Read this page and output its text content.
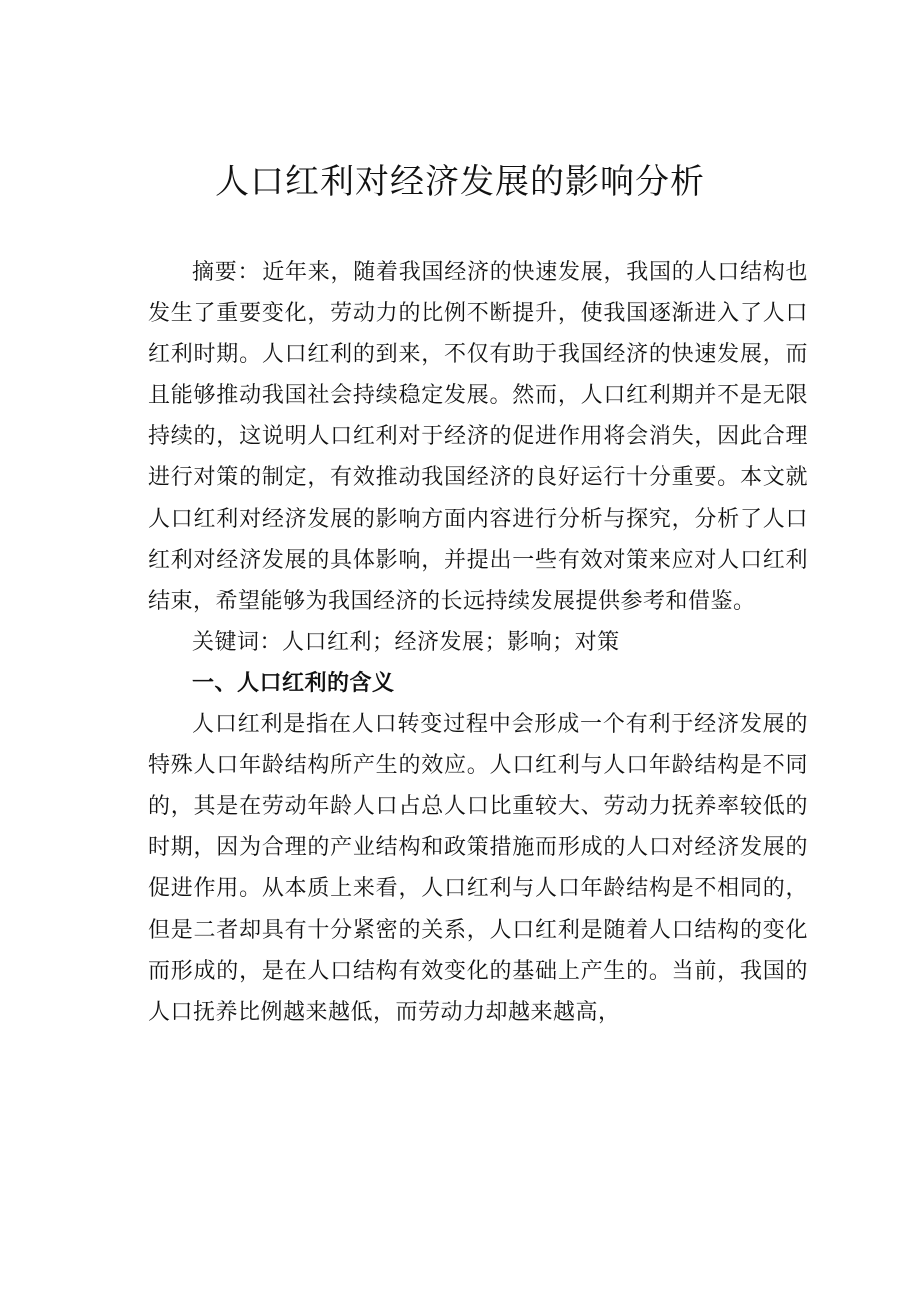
人口红利对经济发展的影响分析

摘要：近年来，随着我国经济的快速发展，我国的人口结构也发生了重要变化，劳动力的比例不断提升，使我国逐渐进入了人口红利时期。人口红利的到来，不仅有助于我国经济的快速发展，而且能够推动我国社会持续稳定发展。然而，人口红利期并不是无限持续的，这说明人口红利对于经济的促进作用将会消失，因此合理进行对策的制定，有效推动我国经济的良好运行十分重要。本文就人口红利对经济发展的影响方面内容进行分析与探究，分析了人口红利对经济发展的具体影响，并提出一些有效对策来应对人口红利结束，希望能够为我国经济的长远持续发展提供参考和借鉴。

关键词：人口红利；经济发展；影响；对策

一、人口红利的含义

人口红利是指在人口转变过程中会形成一个有利于经济发展的特殊人口年龄结构所产生的效应。人口红利与人口年龄结构是不同的，其是在劳动年龄人口占总人口比重较大、劳动力抚养率较低的时期，因为合理的产业结构和政策措施而形成的人口对经济发展的促进作用。从本质上来看，人口红利与人口年龄结构是不相同的，但是二者却具有十分紧密的关系，人口红利是随着人口结构的变化而形成的，是在人口结构有效变化的基础上产生的。当前，我国的人口抚养比例越来越低，而劳动力却越来越高，
